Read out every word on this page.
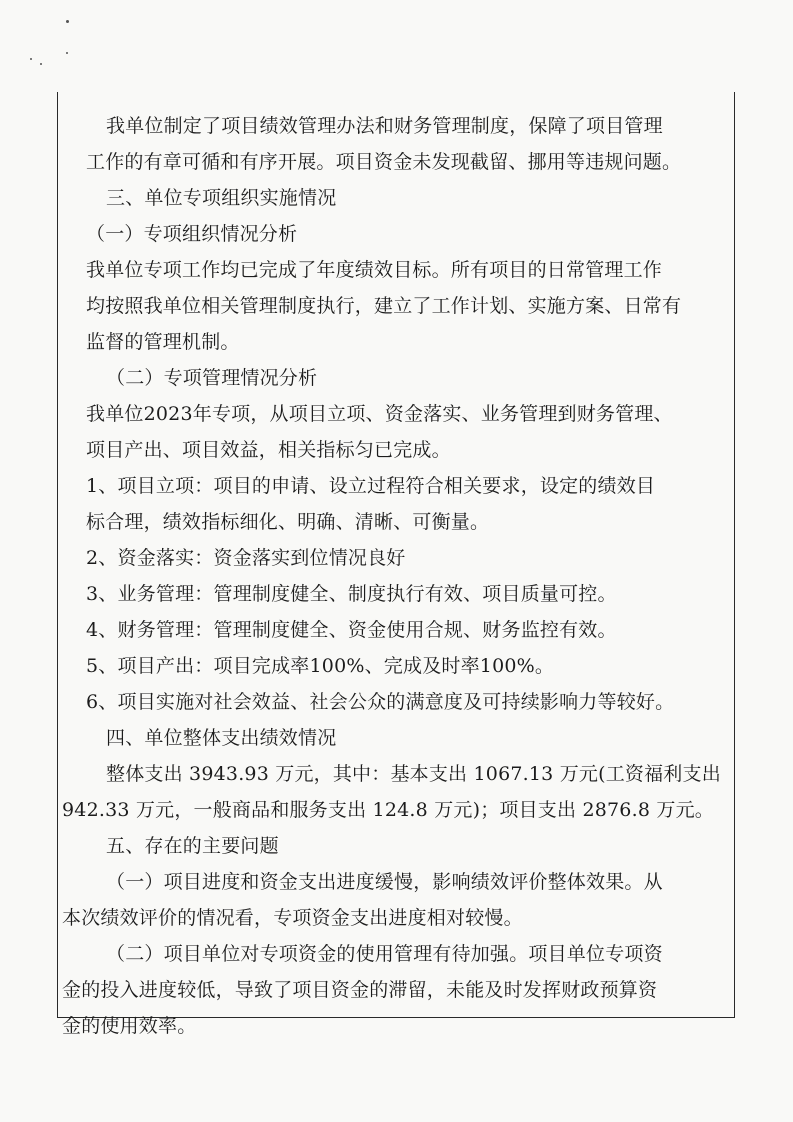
我单位制定了项目绩效管理办法和财务管理制度，保障了项目管理
工作的有章可循和有序开展。项目资金未发现截留、挪用等违规问题。
三、单位专项组织实施情况
（一）专项组织情况分析
我单位专项工作均已完成了年度绩效目标。所有项目的日常管理工作
均按照我单位相关管理制度执行，建立了工作计划、实施方案、日常有
监督的管理机制。
（二）专项管理情况分析
我单位2023年专项，从项目立项、资金落实、业务管理到财务管理、
项目产出、项目效益，相关指标匀已完成。
1、项目立项：项目的申请、设立过程符合相关要求，设定的绩效目
标合理，绩效指标细化、明确、清晰、可衡量。
2、资金落实：资金落实到位情况良好
3、业务管理：管理制度健全、制度执行有效、项目质量可控。
4、财务管理：管理制度健全、资金使用合规、财务监控有效。
5、项目产出：项目完成率100%、完成及时率100%。
6、项目实施对社会效益、社会公众的满意度及可持续影响力等较好。
四、单位整体支出绩效情况
整体支出 3943.93 万元，其中：基本支出 1067.13 万元(工资福利支出
942.33 万元，一般商品和服务支出 124.8 万元)；项目支出 2876.8 万元。
五、存在的主要问题
（一）项目进度和资金支出进度缓慢，影响绩效评价整体效果。从
本次绩效评价的情况看，专项资金支出进度相对较慢。
（二）项目单位对专项资金的使用管理有待加强。项目单位专项资
金的投入进度较低，导致了项目资金的滞留，未能及时发挥财政预算资
金的使用效率。
